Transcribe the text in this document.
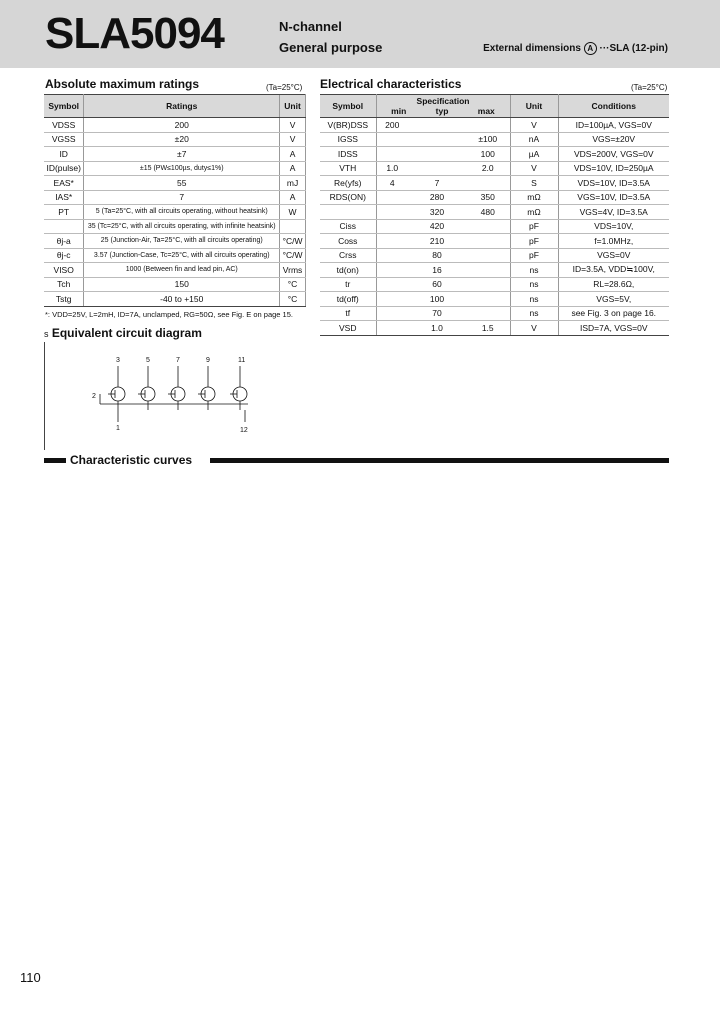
SLA5094	N-channel
General purpose	External dimensions A ···SLA (12-pin)
Absolute maximum ratings	(Ta=25°C)
Symbol	Ratings	Unit
VDSS	200	V
VGSS	±20	V
ID	±7	A
ID(pulse)	±15 (PW≤100µs, duty≤1%)	A
EAS*	55	mJ
IAS*	7	A
PT	5 (Ta=25°C, with all circuits operating, without heatsink)	W
	35 (Tc=25°C, with all circuits operating, with infinite heatsink)	
θj-a	25 (Junction-Air, Ta=25°C, with all circuits operating)	°C/W
θj-c	3.57 (Junction-Case, Tc=25°C, with all circuits operating)	°C/W
VISO	1000 (Between fin and lead pin, AC)	Vrms
Tch	150	°C
Tstg	-40 to +150	°C
*: VDD=25V, L=2mH, ID=7A, unclamped, RG=50Ω, see Fig. E on page 15.
Electrical characteristics	(Ta=25°C)
Symbol	Specification
min typ max			Unit	Conditions
V(BR)DSS	200			V	ID=100µA, VGS=0V
IGSS			±100	nA	VGS=±20V
IDSS			100	µA	VDS=200V, VGS=0V
VTH	1.0		2.0	V	VDS=10V, ID=250µA
Re(yfs)	4	7		S	VDS=10V, ID=3.5A
RDS(ON)		280	350	mΩ	VGS=10V, ID=3.5A
		320	480	mΩ	VGS=4V, ID=3.5A
Ciss		420		pF	VDS=10V,
Coss		210		pF	f=1.0MHz,
Crss		80		pF	VGS=0V
td(on)		16		ns	ID=3.5A, VDD≒100V,
tr		60		ns	RL=28.6Ω,
td(off)		100		ns	VGS=5V,
tf		70		ns	see Fig. 3 on page 16.
VSD		1.0	1.5	V	ISD=7A, VGS=0V
s Equivalent circuit diagram
3	5	7	9	11
2
1	12
Characteristic curves
110
